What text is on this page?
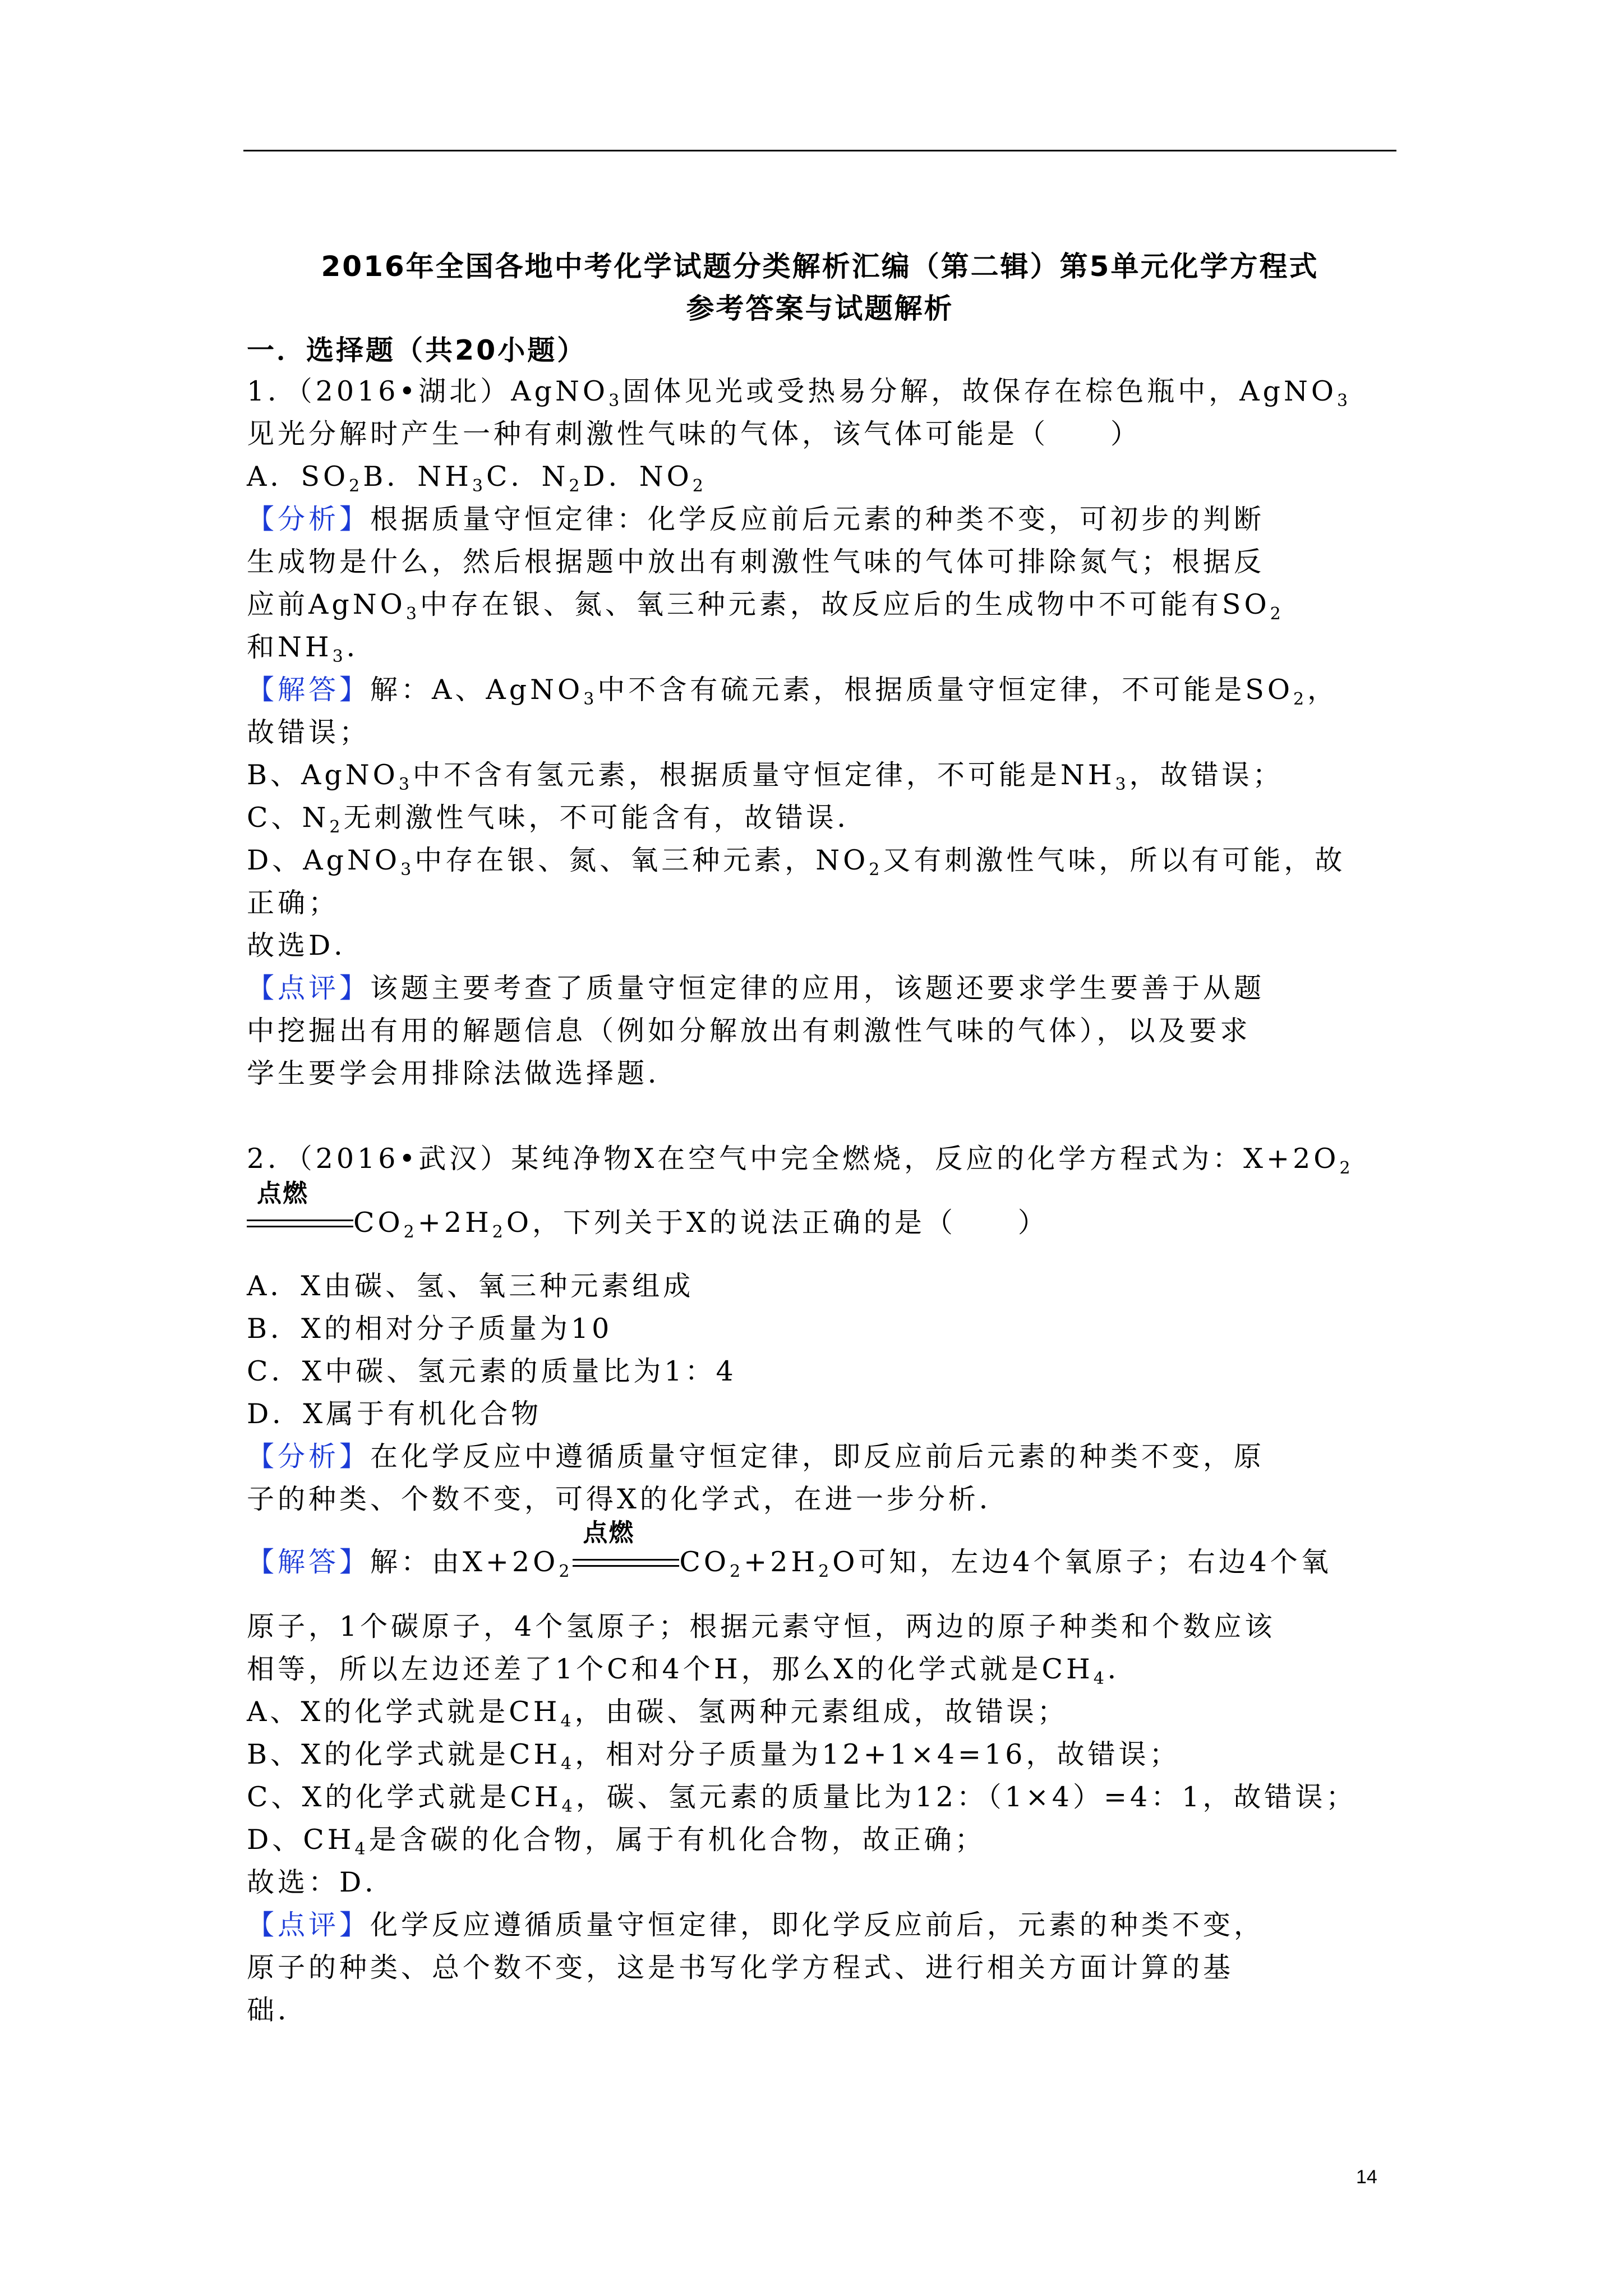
2016年全国各地中考化学试题分类解析汇编（第二辑）第5单元化学方程式
参考答案与试题解析
一．选择题（共20小题）
1．（2016•湖北）AgNO$_3$固体见光或受热易分解，故保存在棕色瓶中，AgNO$_3$
见光分解时产生一种有刺激性气味的气体，该气体可能是（　　）
A．$SO_2B$．$NH_3C$．$N_2D$．$NO_2$
【分析】根据质量守恒定律：化学反应前后元素的种类不变，可初步的判断
生成物是什么，然后根据题中放出有刺激性气味的气体可排除氮气；根据反
应前AgNO$_3$中存在银、氮、氧三种元素，故反应后的生成物中不可能有$SO_2$
和$NH_3$．
【解答】解：A、AgNO$_3$中不含有硫元素，根据质量守恒定律，不可能是$SO_2$，
故错误；
B、AgNO$_3$中不含有氢元素，根据质量守恒定律，不可能是$NH_3$，故错误；
C、$N_2$无刺激性气味，不可能含有，故错误．
D、AgNO$_3$中存在银、氮、氧三种元素，$NO_2$又有刺激性气味，所以有可能，故
正确；
故选D．
【点评】该题主要考查了质量守恒定律的应用，该题还要求学生要善于从题
中挖掘出有用的解题信息（例如分解放出有刺激性气味的气体），以及要求
学生要学会用排除法做选择题．
2．（2016•武汉）某纯净物X在空气中完全燃烧，反应的化学方程式为：$X+2O_2$
点燃
$CO_2+2H_2O$，下列关于X的说法正确的是（　　）
A．X由碳、氢、氧三种元素组成
B．X的相对分子质量为10
C．X中碳、氢元素的质量比为1：4
D．X属于有机化合物
【分析】在化学反应中遵循质量守恒定律，即反应前后元素的种类不变，原
子的种类、个数不变，可得X的化学式，在进一步分析．
【解答】解：由$X+2O_2$
点燃
$CO_2+2H_2O$可知，左边4个氧原子；右边4个氧
原子，1个碳原子，4个氢原子；根据元素守恒，两边的原子种类和个数应该
相等，所以左边还差了1个C和4个H，那么X的化学式就是$CH_4$．
A、X的化学式就是$CH_4$，由碳、氢两种元素组成，故错误；
B、X的化学式就是$CH_4$，相对分子质量为12+1×4=16，故错误；
C、X的化学式就是$CH_4$，碳、氢元素的质量比为12：（1×4）=4：1，故错误；
D、$CH_4$是含碳的化合物，属于有机化合物，故正确；
故选：D．
【点评】化学反应遵循质量守恒定律，即化学反应前后，元素的种类不变，
原子的种类、总个数不变，这是书写化学方程式、进行相关方面计算的基
础．
14
